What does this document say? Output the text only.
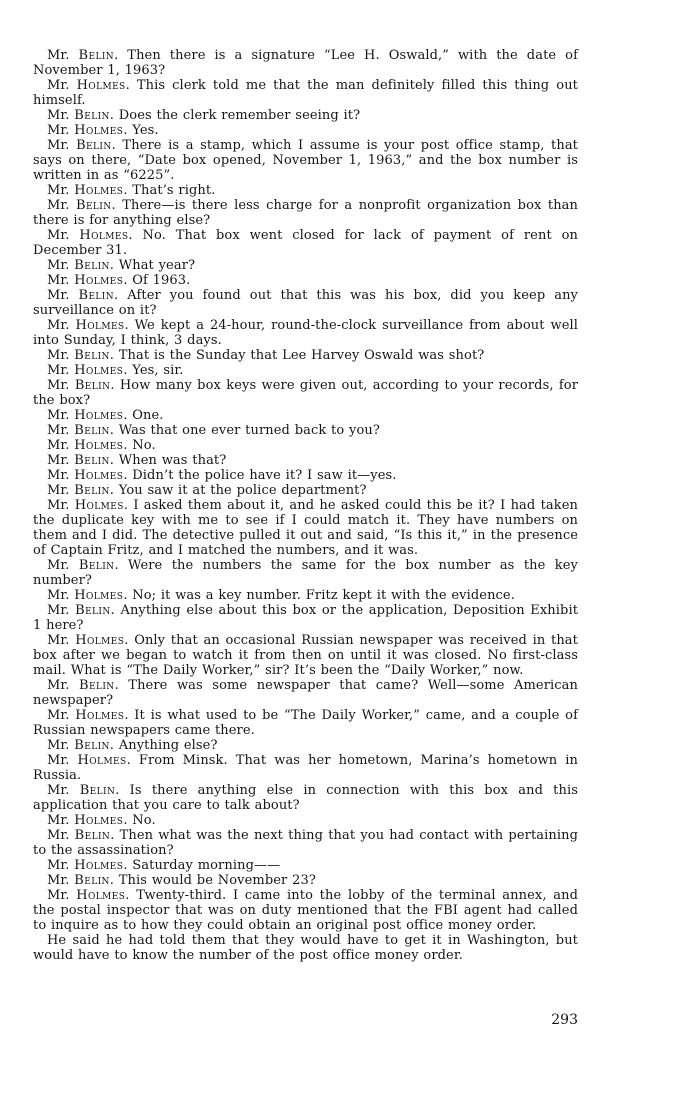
Mr. Belin. Then there is a signature “Lee H. Oswald,” with the date of November 1, 1963?

Mr. Holmes. This clerk told me that the man definitely filled this thing out himself.

Mr. Belin. Does the clerk remember seeing it?

Mr. Holmes. Yes.

Mr. Belin. There is a stamp, which I assume is your post office stamp, that says on there, “Date box opened, November 1, 1963,” and the box number is written in as “6225”.

Mr. Holmes. That’s right.

Mr. Belin. There—is there less charge for a nonprofit organization box than there is for anything else?

Mr. Holmes. No. That box went closed for lack of payment of rent on December 31.

Mr. Belin. What year?

Mr. Holmes. Of 1963.

Mr. Belin. After you found out that this was his box, did you keep any surveillance on it?

Mr. Holmes. We kept a 24-hour, round-the-clock surveillance from about well into Sunday, I think, 3 days.

Mr. Belin. That is the Sunday that Lee Harvey Oswald was shot?

Mr. Holmes. Yes, sir.

Mr. Belin. How many box keys were given out, according to your records, for the box?

Mr. Holmes. One.

Mr. Belin. Was that one ever turned back to you?

Mr. Holmes. No.

Mr. Belin. When was that?

Mr. Holmes. Didn’t the police have it? I saw it—yes.

Mr. Belin. You saw it at the police department?

Mr. Holmes. I asked them about it, and he asked could this be it? I had taken the duplicate key with me to see if I could match it. They have numbers on them and I did. The detective pulled it out and said, “Is this it,” in the presence of Captain Fritz, and I matched the numbers, and it was.

Mr. Belin. Were the numbers the same for the box number as the key number?

Mr. Holmes. No; it was a key number. Fritz kept it with the evidence.

Mr. Belin. Anything else about this box or the application, Deposition Exhibit 1 here?

Mr. Holmes. Only that an occasional Russian newspaper was received in that box after we began to watch it from then on until it was closed. No first-class mail. What is “The Daily Worker,” sir? It’s been the “Daily Worker,” now.

Mr. Belin. There was some newspaper that came? Well—some American newspaper?

Mr. Holmes. It is what used to be “The Daily Worker,” came, and a couple of Russian newspapers came there.

Mr. Belin. Anything else?

Mr. Holmes. From Minsk. That was her hometown, Marina’s hometown in Russia.

Mr. Belin. Is there anything else in connection with this box and this application that you care to talk about?

Mr. Holmes. No.

Mr. Belin. Then what was the next thing that you had contact with pertaining to the assassination?

Mr. Holmes. Saturday morning——

Mr. Belin. This would be November 23?

Mr. Holmes. Twenty-third. I came into the lobby of the terminal annex, and the postal inspector that was on duty mentioned that the FBI agent had called to inquire as to how they could obtain an original post office money order.

He said he had told them that they would have to get it in Washington, but would have to know the number of the post office money order.

293
